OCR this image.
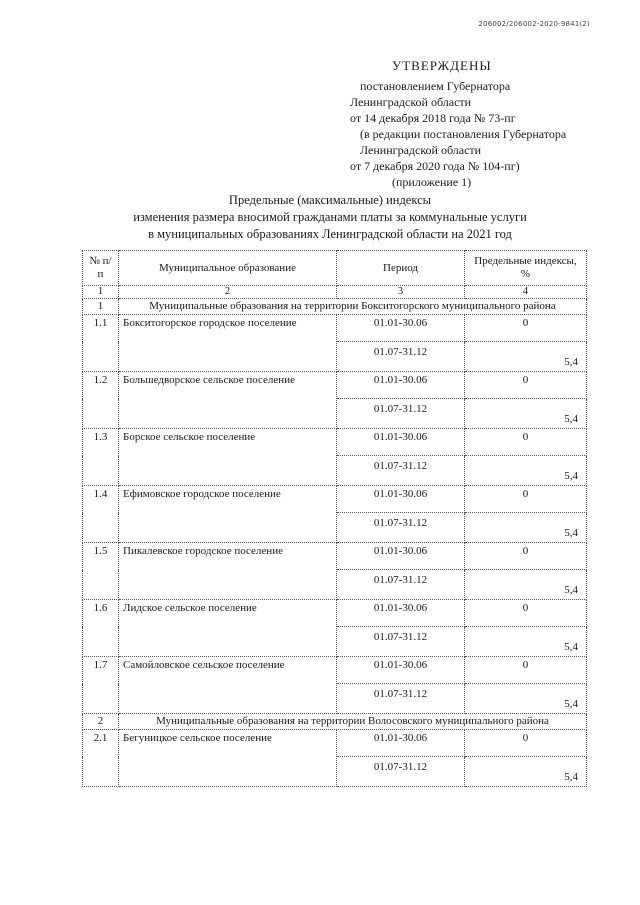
206002/206002-2020-9841(2)
УТВЕРЖДЕНЫ
постановлением Губернатора
Ленинградской области
от 14 декабря 2018 года № 73-пг
(в редакции постановления Губернатора
Ленинградской области
от 7 декабря 2020 года № 104-пг)
(приложение 1)
Предельные (максимальные) индексы
изменения размера вносимой гражданами платы за коммунальные услуги
в муниципальных образованиях Ленинградской области на 2021 год
№ п/п	Муниципальное образование	Период	Предельные индексы, %
1	2	3	4
1	Муниципальные образования на территории Бокситогорского муниципального района		
1.1	Бокситогорское городское поселение	01.01-30.06	0
		01.07-31.12	5,4
1.2	Большедворское сельское поселение	01.01-30.06	0
		01.07-31.12	5,4
1.3	Борское сельское поселение	01.01-30.06	0
		01.07-31.12	5,4
1.4	Ефимовское городское поселение	01.01-30.06	0
		01.07-31.12	5,4
1.5	Пикалевское городское поселение	01.01-30.06	0
		01.07-31.12	5,4
1.6	Лидское сельское поселение	01.01-30.06	0
		01.07-31.12	5,4
1.7	Самойловское сельское поселение	01.01-30.06	0
		01.07-31.12	5,4
2	Муниципальные образования на территории Волосовского муниципального района		
2.1	Бегуницкое сельское поселение	01.01-30.06	0
		01.07-31.12	5,4
